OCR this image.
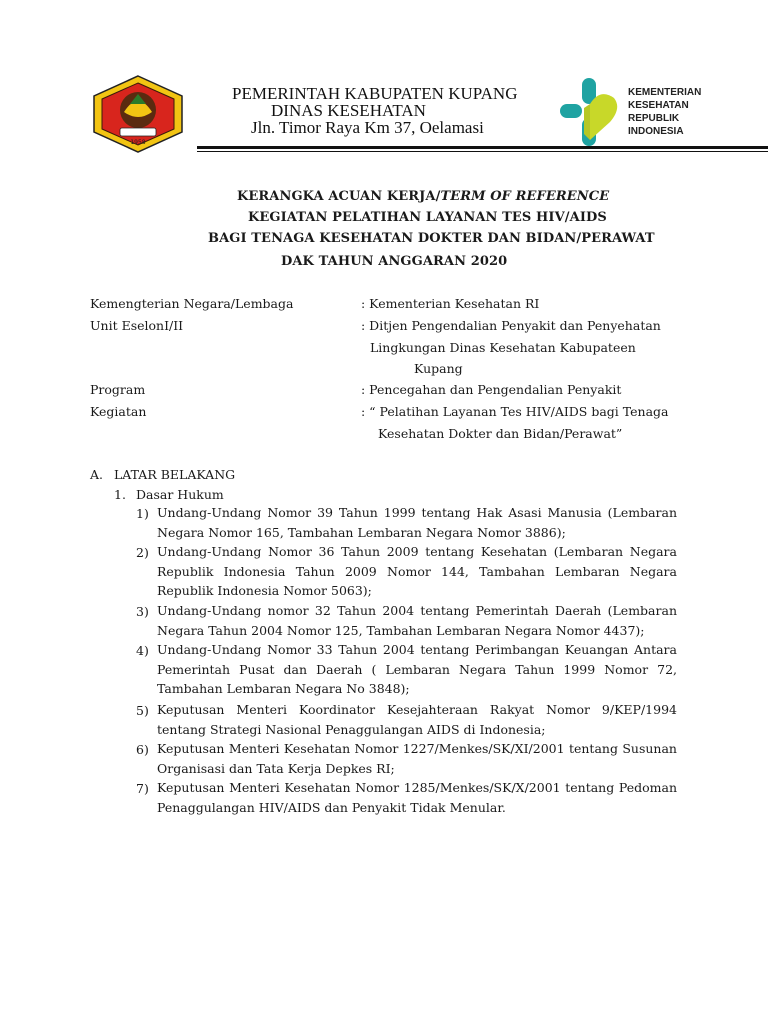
1958
PEMERINTAH KABUPATEN KUPANG
DINAS KESEHATAN
Jln. Timor Raya Km 37, Oelamasi
KEMENTERIAN
KESEHATAN
REPUBLIK
INDONESIA
KERANGKA ACUAN KERJA/TERM OF REFERENCE
KEGIATAN PELATIHAN LAYANAN TES HIV/AIDS
BAGI TENAGA KESEHATAN DOKTER DAN BIDAN/PERAWAT
DAK TAHUN ANGGARAN 2020
Kemengterian Negara/Lembaga	: Kementerian Kesehatan RI
Unit EselonI/II	: Ditjen Pengendalian Penyakit dan Penyehatan
Lingkungan Dinas Kesehatan Kabupateen
Kupang
Program	: Pencegahan dan Pengendalian Penyakit
Kegiatan	: “ Pelatihan Layanan Tes HIV/AIDS bagi Tenaga
Kesehatan Dokter dan Bidan/Perawat”
A. LATAR BELAKANG
1. Dasar Hukum
1) Undang-Undang Nomor 39 Tahun 1999 tentang Hak Asasi Manusia (Lembaran Negara Nomor 165, Tambahan Lembaran Negara Nomor 3886);
2) Undang-Undang Nomor 36 Tahun 2009 tentang Kesehatan (Lembaran Negara Republik Indonesia Tahun 2009 Nomor 144, Tambahan Lembaran Negara Republik Indonesia Nomor 5063);
3) Undang-Undang nomor 32 Tahun 2004 tentang Pemerintah Daerah (Lembaran Negara Tahun 2004 Nomor 125, Tambahan Lembaran Negara Nomor 4437);
4) Undang-Undang Nomor 33 Tahun 2004 tentang Perimbangan Keuangan Antara Pemerintah Pusat dan Daerah ( Lembaran Negara Tahun 1999 Nomor 72, Tambahan Lembaran Negara No 3848);
5) Keputusan Menteri Koordinator Kesejahteraan Rakyat Nomor 9/KEP/1994 tentang Strategi Nasional Penaggulangan AIDS di Indonesia;
6) Keputusan Menteri Kesehatan Nomor 1227/Menkes/SK/XI/2001 tentang Susunan Organisasi dan Tata Kerja Depkes RI;
7) Keputusan Menteri Kesehatan Nomor 1285/Menkes/SK/X/2001 tentang Pedoman Penaggulangan HIV/AIDS dan Penyakit Tidak Menular.
